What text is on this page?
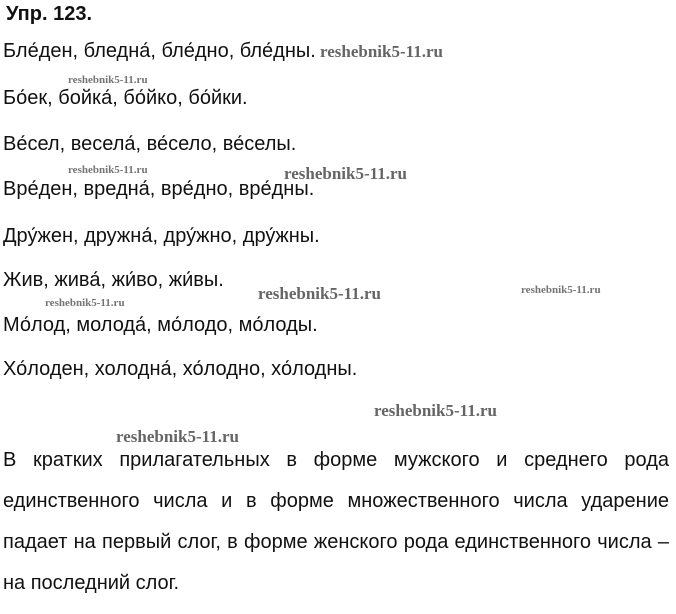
Упр. 123.
Бле́ден, бледна́, бле́дно, бле́дны.
Бо́ек, бойка́, бо́йко, бо́йки.
Ве́сел, весела́, ве́село, ве́селы.
Вре́ден, вредна́, вре́дно, вре́дны.
Дру́жен, дружна́, дру́жно, дру́жны.
Жив, жива́, жи́во, жи́вы.
Мо́лод, молода́, мо́лодо, мо́лоды.
Хо́лоден, холодна́, хо́лодно, хо́лодны.
В кратких прилагательных в форме мужского и среднего рода единственного числа и в форме множественного числа ударение падает на первый слог, в форме женского рода единственного числа – на последний слог.
reshebnik5-11.ru
reshebnik5-11.ru
reshebnik5-11.ru	reshebnik5-11.ru
reshebnik5-11.ru	reshebnik5-11.ru
reshebnik5-11.ru
reshebnik5-11.ru
reshebnik5-11.ru
